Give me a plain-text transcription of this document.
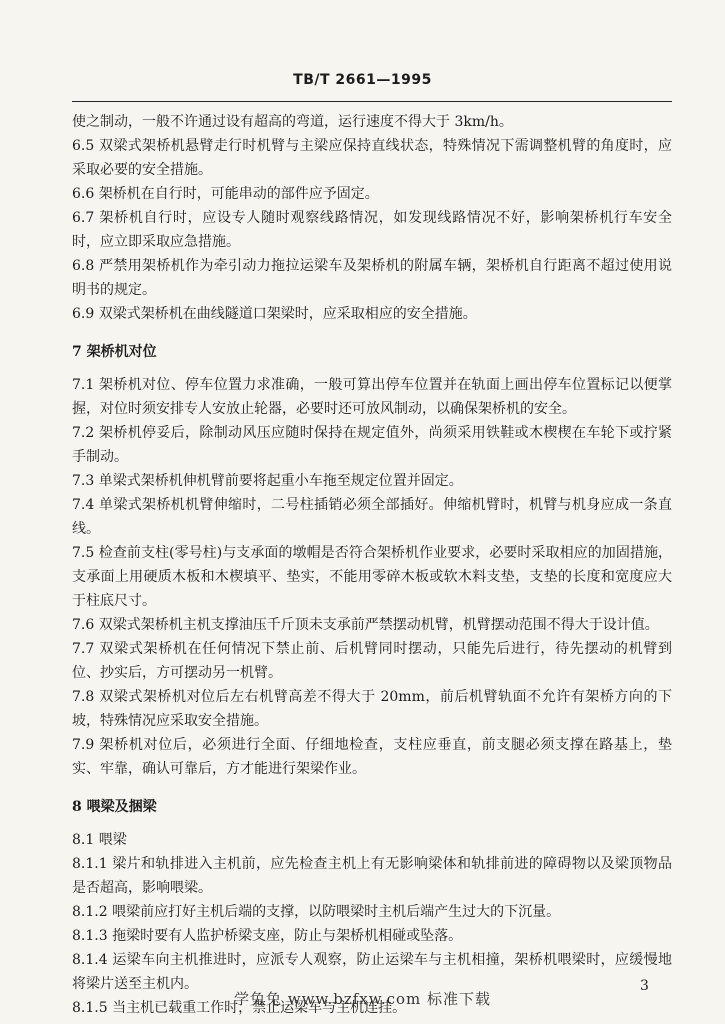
TB/T 2661—1995

使之制动，一般不许通过设有超高的弯道，运行速度不得大于 3km/h。

6.5 双梁式架桥机悬臂走行时机臂与主梁应保持直线状态，特殊情况下需调整机臂的角度时，应采取必要的安全措施。

6.6 架桥机在自行时，可能串动的部件应予固定。

6.7 架桥机自行时，应设专人随时观察线路情况，如发现线路情况不好，影响架桥机行车安全时，应立即采取应急措施。

6.8 严禁用架桥机作为牵引动力拖拉运梁车及架桥机的附属车辆，架桥机自行距离不超过使用说明书的规定。

6.9 双梁式架桥机在曲线隧道口架梁时，应采取相应的安全措施。

7 架桥机对位

7.1 架桥机对位、停车位置力求准确，一般可算出停车位置并在轨面上画出停车位置标记以便掌握，对位时须安排专人安放止轮器，必要时还可放风制动，以确保架桥机的安全。

7.2 架桥机停妥后，除制动风压应随时保持在规定值外，尚须采用铁鞋或木楔楔在车轮下或拧紧手制动。

7.3 单梁式架桥机伸机臂前要将起重小车拖至规定位置并固定。

7.4 单梁式架桥机机臂伸缩时，二号柱插销必须全部插好。伸缩机臂时，机臂与机身应成一条直线。

7.5 检查前支柱(零号柱)与支承面的墩帽是否符合架桥机作业要求，必要时采取相应的加固措施，支承面上用硬质木板和木楔填平、垫实，不能用零碎木板或软木料支垫，支垫的长度和宽度应大于柱底尺寸。

7.6 双梁式架桥机主机支撑油压千斤顶未支承前严禁摆动机臂，机臂摆动范围不得大于设计值。

7.7 双梁式架桥机在任何情况下禁止前、后机臂同时摆动，只能先后进行，待先摆动的机臂到位、抄实后，方可摆动另一机臂。

7.8 双梁式架桥机对位后左右机臂高差不得大于 20mm，前后机臂轨面不允许有架桥方向的下坡，特殊情况应采取安全措施。

7.9 架桥机对位后，必须进行全面、仔细地检查，支柱应垂直，前支腿必须支撑在路基上，垫实、牢靠，确认可靠后，方才能进行架梁作业。

8 喂梁及捆梁

8.1 喂梁

8.1.1 梁片和轨排进入主机前，应先检查主机上有无影响梁体和轨排前进的障碍物以及梁顶物品是否超高，影响喂梁。

8.1.2 喂梁前应打好主机后端的支撑，以防喂梁时主机后端产生过大的下沉量。

8.1.3 拖梁时要有人监护桥梁支座，防止与架桥机相碰或坠落。

8.1.4 运梁车向主机推进时，应派专人观察，防止运梁车与主机相撞，架桥机喂梁时，应缓慢地将梁片送至主机内。

8.1.5 当主机已载重工作时，禁止运梁车与主机连挂。

3
学兔兔 www.bzfxw.com 标准下载
